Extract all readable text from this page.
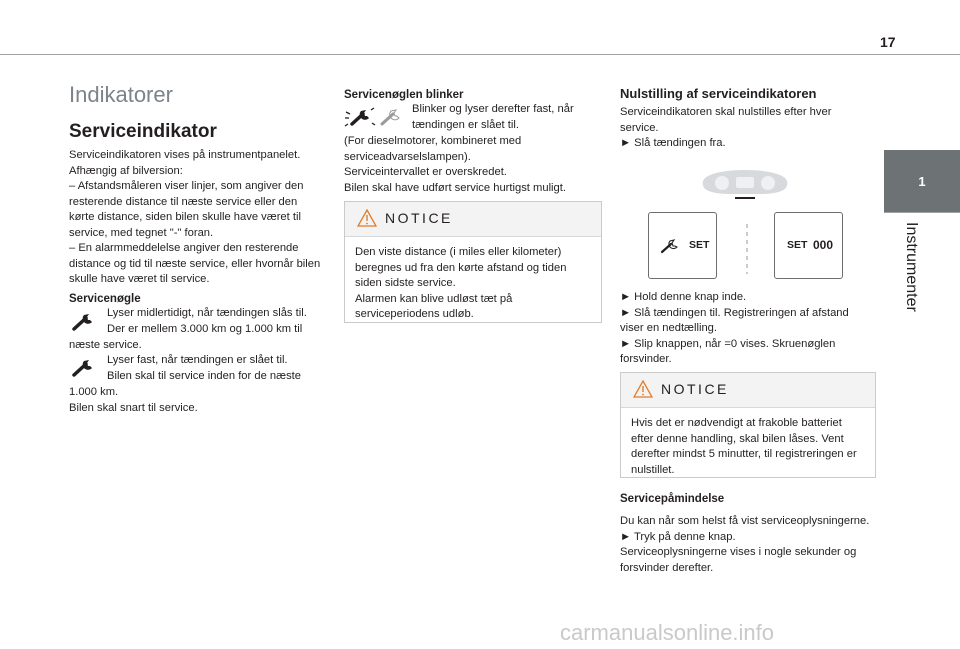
17
1
Instrumenter
Indikatorer
Serviceindikator
Serviceindikatoren vises på instrumentpanelet.
Afhængig af bilversion:
– Afstandsmåleren viser linjer, som angiver den resterende distance til næste service eller den kørte distance, siden bilen skulle have været til service, med tegnet "-" foran.
– En alarmmeddelelse angiver den resterende distance og tid til næste service, eller hvornår bilen skulle have været til service.
Servicenøgle
Lyser midlertidigt, når tændingen slås til.
Der er mellem 3.000 km og 1.000 km til
næste service.
Lyser fast, når tændingen er slået til.
Bilen skal til service inden for de næste
1.000 km.
Bilen skal snart til service.
Servicenøglen blinker
Blinker og lyser derefter fast, når
tændingen er slået til.
(For dieselmotorer, kombineret med serviceadvarselslampen).
Serviceintervallet er overskredet.
Bilen skal have udført service hurtigst muligt.
NOTICE
Den viste distance (i miles eller kilometer) beregnes ud fra den kørte afstand og tiden siden sidste service.
Alarmen kan blive udløst tæt på serviceperiodens udløb.
Nulstilling af serviceindikatoren
Serviceindikatoren skal nulstilles efter hver service.
► Slå tændingen fra.
SET	SET 000
► Hold denne knap inde.
► Slå tændingen til. Registreringen af afstand viser en nedtælling.
► Slip knappen, når =0 vises. Skruenøglen forsvinder.
NOTICE
Hvis det er nødvendigt at frakoble batteriet efter denne handling, skal bilen låses. Vent derefter mindst 5 minutter, til registreringen er nulstillet.
Servicepåmindelse
Du kan når som helst få vist serviceoplysningerne.
► Tryk på denne knap.
Serviceoplysningerne vises i nogle sekunder og forsvinder derefter.
carmanualsonline.info
